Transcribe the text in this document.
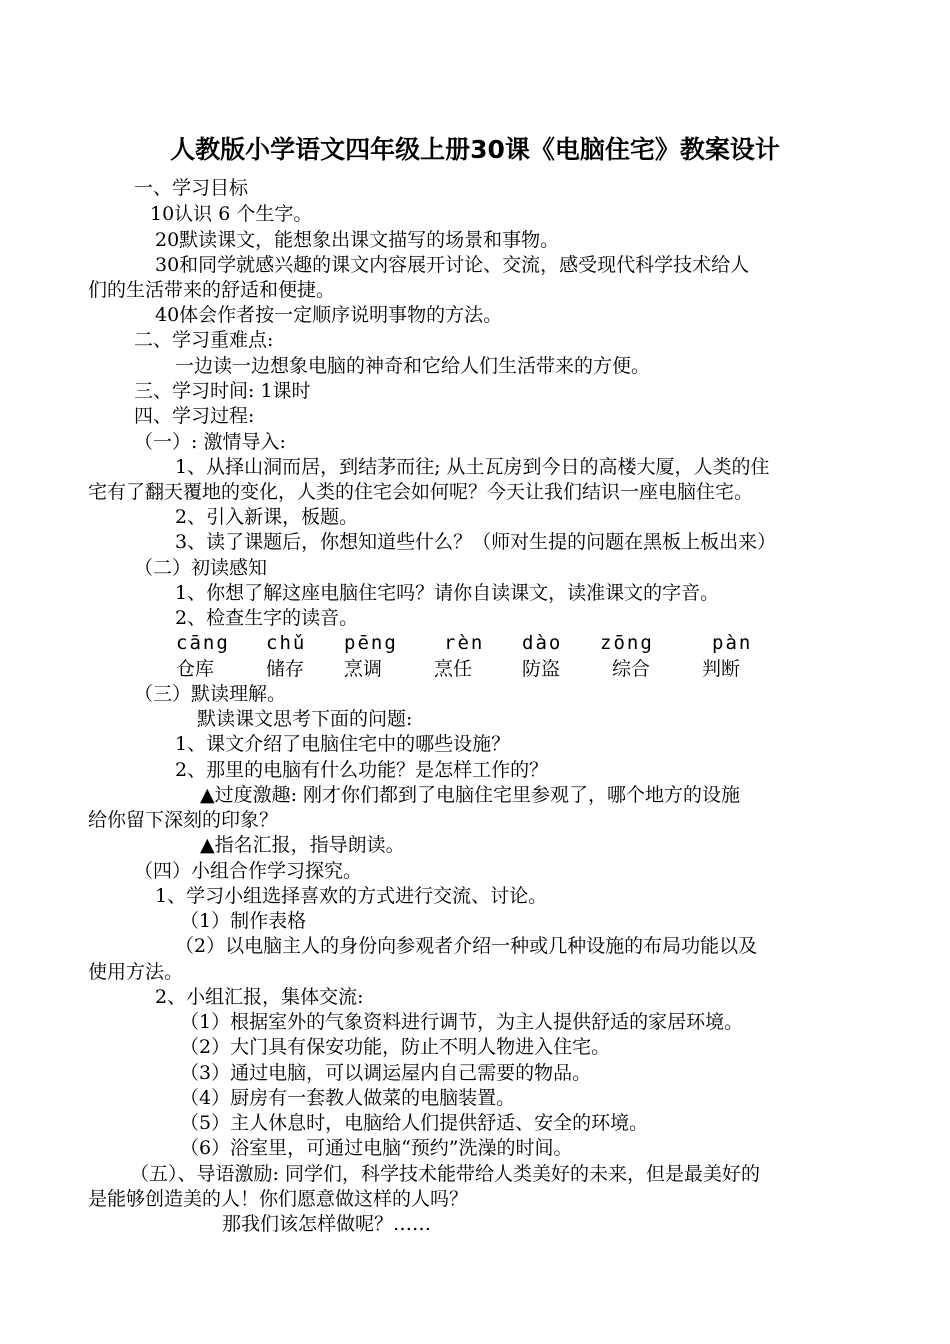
人教版小学语文四年级上册30课《电脑住宅》教案设计
一、学习目标
10认识 6 个生字。
20默读课文，能想象出课文描写的场景和事物。
30和同学就感兴趣的课文内容展开讨论、交流，感受现代科学技术给人
们的生活带来的舒适和便捷。
40体会作者按一定顺序说明事物的方法。
二、学习重难点:
一边读一边想象电脑的神奇和它给人们生活带来的方便。
三、学习时间: 1课时
四、学习过程:
（一）: 激情导入:
1、从择山洞而居，到结茅而往; 从土瓦房到今日的高楼大厦，人类的住
宅有了翻天覆地的变化，人类的住宅会如何呢？今天让我们结识一座电脑住宅。
2、引入新课，板题。
3、读了课题后，你想知道些什么？（师对生提的问题在黑板上板出来）
（二）初读感知
1、你想了解这座电脑住宅吗？请你自读课文，读准课文的字音。
2、检查生字的读音。
cāng chǔ pēng rèn dào zōng	pàn
仓库	储存 烹调	烹任	防盗	综合	判断
（三）默读理解。
默读课文思考下面的问题:
1、课文介绍了电脑住宅中的哪些设施？
2、那里的电脑有什么功能？是怎样工作的？
▲过度激趣: 刚才你们都到了电脑住宅里参观了，哪个地方的设施
给你留下深刻的印象？
▲指名汇报，指导朗读。
（四）小组合作学习探究。
1、学习小组选择喜欢的方式进行交流、讨论。
（1）制作表格
（2）以电脑主人的身份向参观者介绍一种或几种设施的布局功能以及
使用方法。
2、小组汇报，集体交流:
（1）根据室外的气象资料进行调节，为主人提供舒适的家居环境。
（2）大门具有保安功能，防止不明人物进入住宅。
（3）通过电脑，可以调运屋内自己需要的物品。
（4）厨房有一套教人做菜的电脑装置。
（5）主人休息时，电脑给人们提供舒适、安全的环境。
（6）浴室里，可通过电脑“预约”洗澡的时间。
（五）、导语激励: 同学们，科学技术能带给人类美好的未来，但是最美好的
是能够创造美的人！你们愿意做这样的人吗？
那我们该怎样做呢？……
